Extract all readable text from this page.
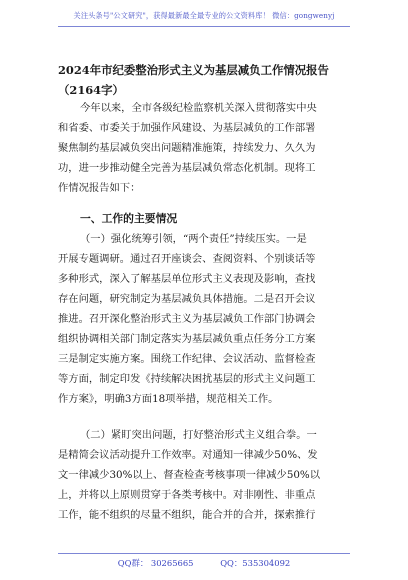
关注头条号"公文研究"，获得最新最全最专业的公文资料库！ 微信：gongwenyj
2024年市纪委整治形式主义为基层减负工作情况报告
（2164字）
今年以来，全市各级纪检监察机关深入贯彻落实中央
和省委、市委关于加强作风建设、为基层减负的工作部署
聚焦制约基层减负突出问题精准施策，持续发力、久久为
功，进一步推动健全完善为基层减负常态化机制。现将工
作情况报告如下：
一、工作的主要情况
（一）强化统筹引领，“两个责任”持续压实。一是
开展专题调研。通过召开座谈会、查阅资料、个别谈话等
多种形式，深入了解基层单位形式主义表现及影响，查找
存在问题，研究制定为基层减负具体措施。二是召开会议
推进。召开深化整治形式主义为基层减负工作部门协调会
组织协调相关部门制定落实为基层减负重点任务分工方案
三是制定实施方案。围绕工作纪律、会议活动、监督检查
等方面，制定印发《持续解决困扰基层的形式主义问题工
作方案》，明确3方面18项举措，规范相关工作。
（二）紧盯突出问题，打好整治形式主义组合拳。一
是精简会议活动提升工作效率。对通知一律减少50%、发
文一律减少30%以上、督查检查考核事项一律减少50%以
上，并将以上原则贯穿于各类考核中。对非刚性、非重点
工作，能不组织的尽量不组织，能合并的合并，探索推行
QQ群： 30265665	QQ：535304092
